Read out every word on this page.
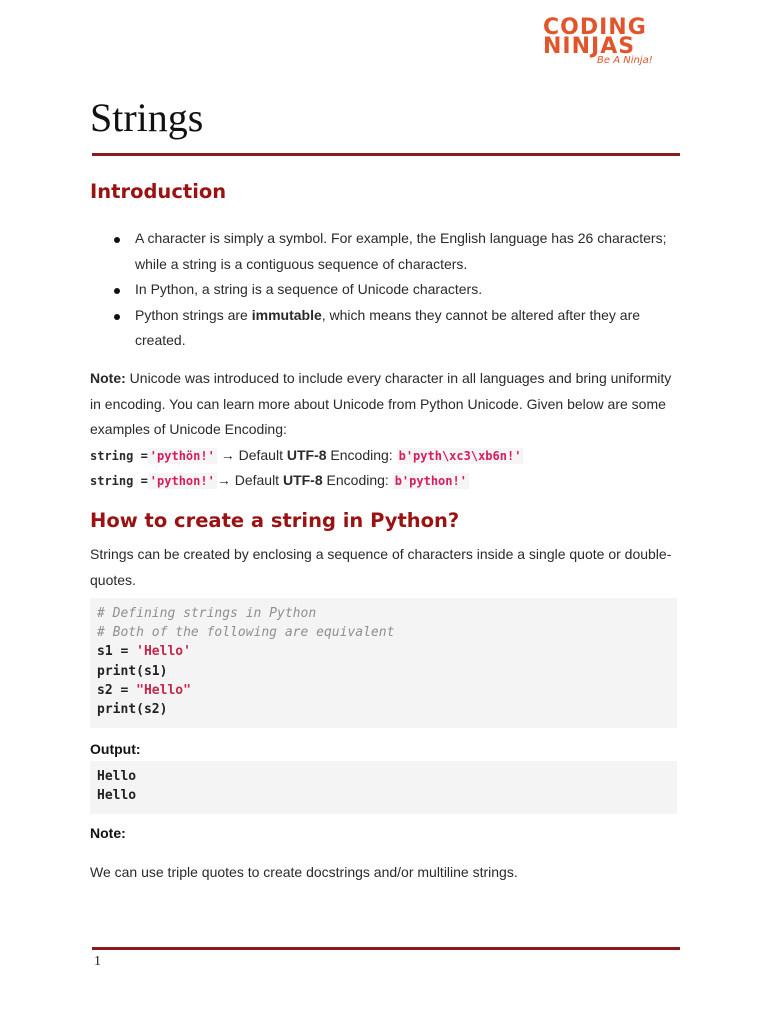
CODING
NINJAS
Be A Ninja!
Strings
Introduction
A character is simply a symbol. For example, the English language has 26 characters; while a string is a contiguous sequence of characters.
In Python, a string is a sequence of Unicode characters.
Python strings are immutable, which means they cannot be altered after they are created.

Note: Unicode was introduced to include every character in all languages and bring uniformity in encoding. You can learn more about Unicode from Python Unicode. Given below are some examples of Unicode Encoding:

string = 'pythön!' → Default UTF-8 Encoding: b'pyth\xc3\xb6n!'

string = 'python!' → Default UTF-8 Encoding: b'python!'

How to create a string in Python?

Strings can be created by enclosing a sequence of characters inside a single quote or double-quotes.

# Defining strings in Python
# Both of the following are equivalent
s1 = 'Hello'
print(s1)
s2 = "Hello"
print(s2)

Output:

Hello
Hello

Note:

We can use triple quotes to create docstrings and/or multiline strings.

1
